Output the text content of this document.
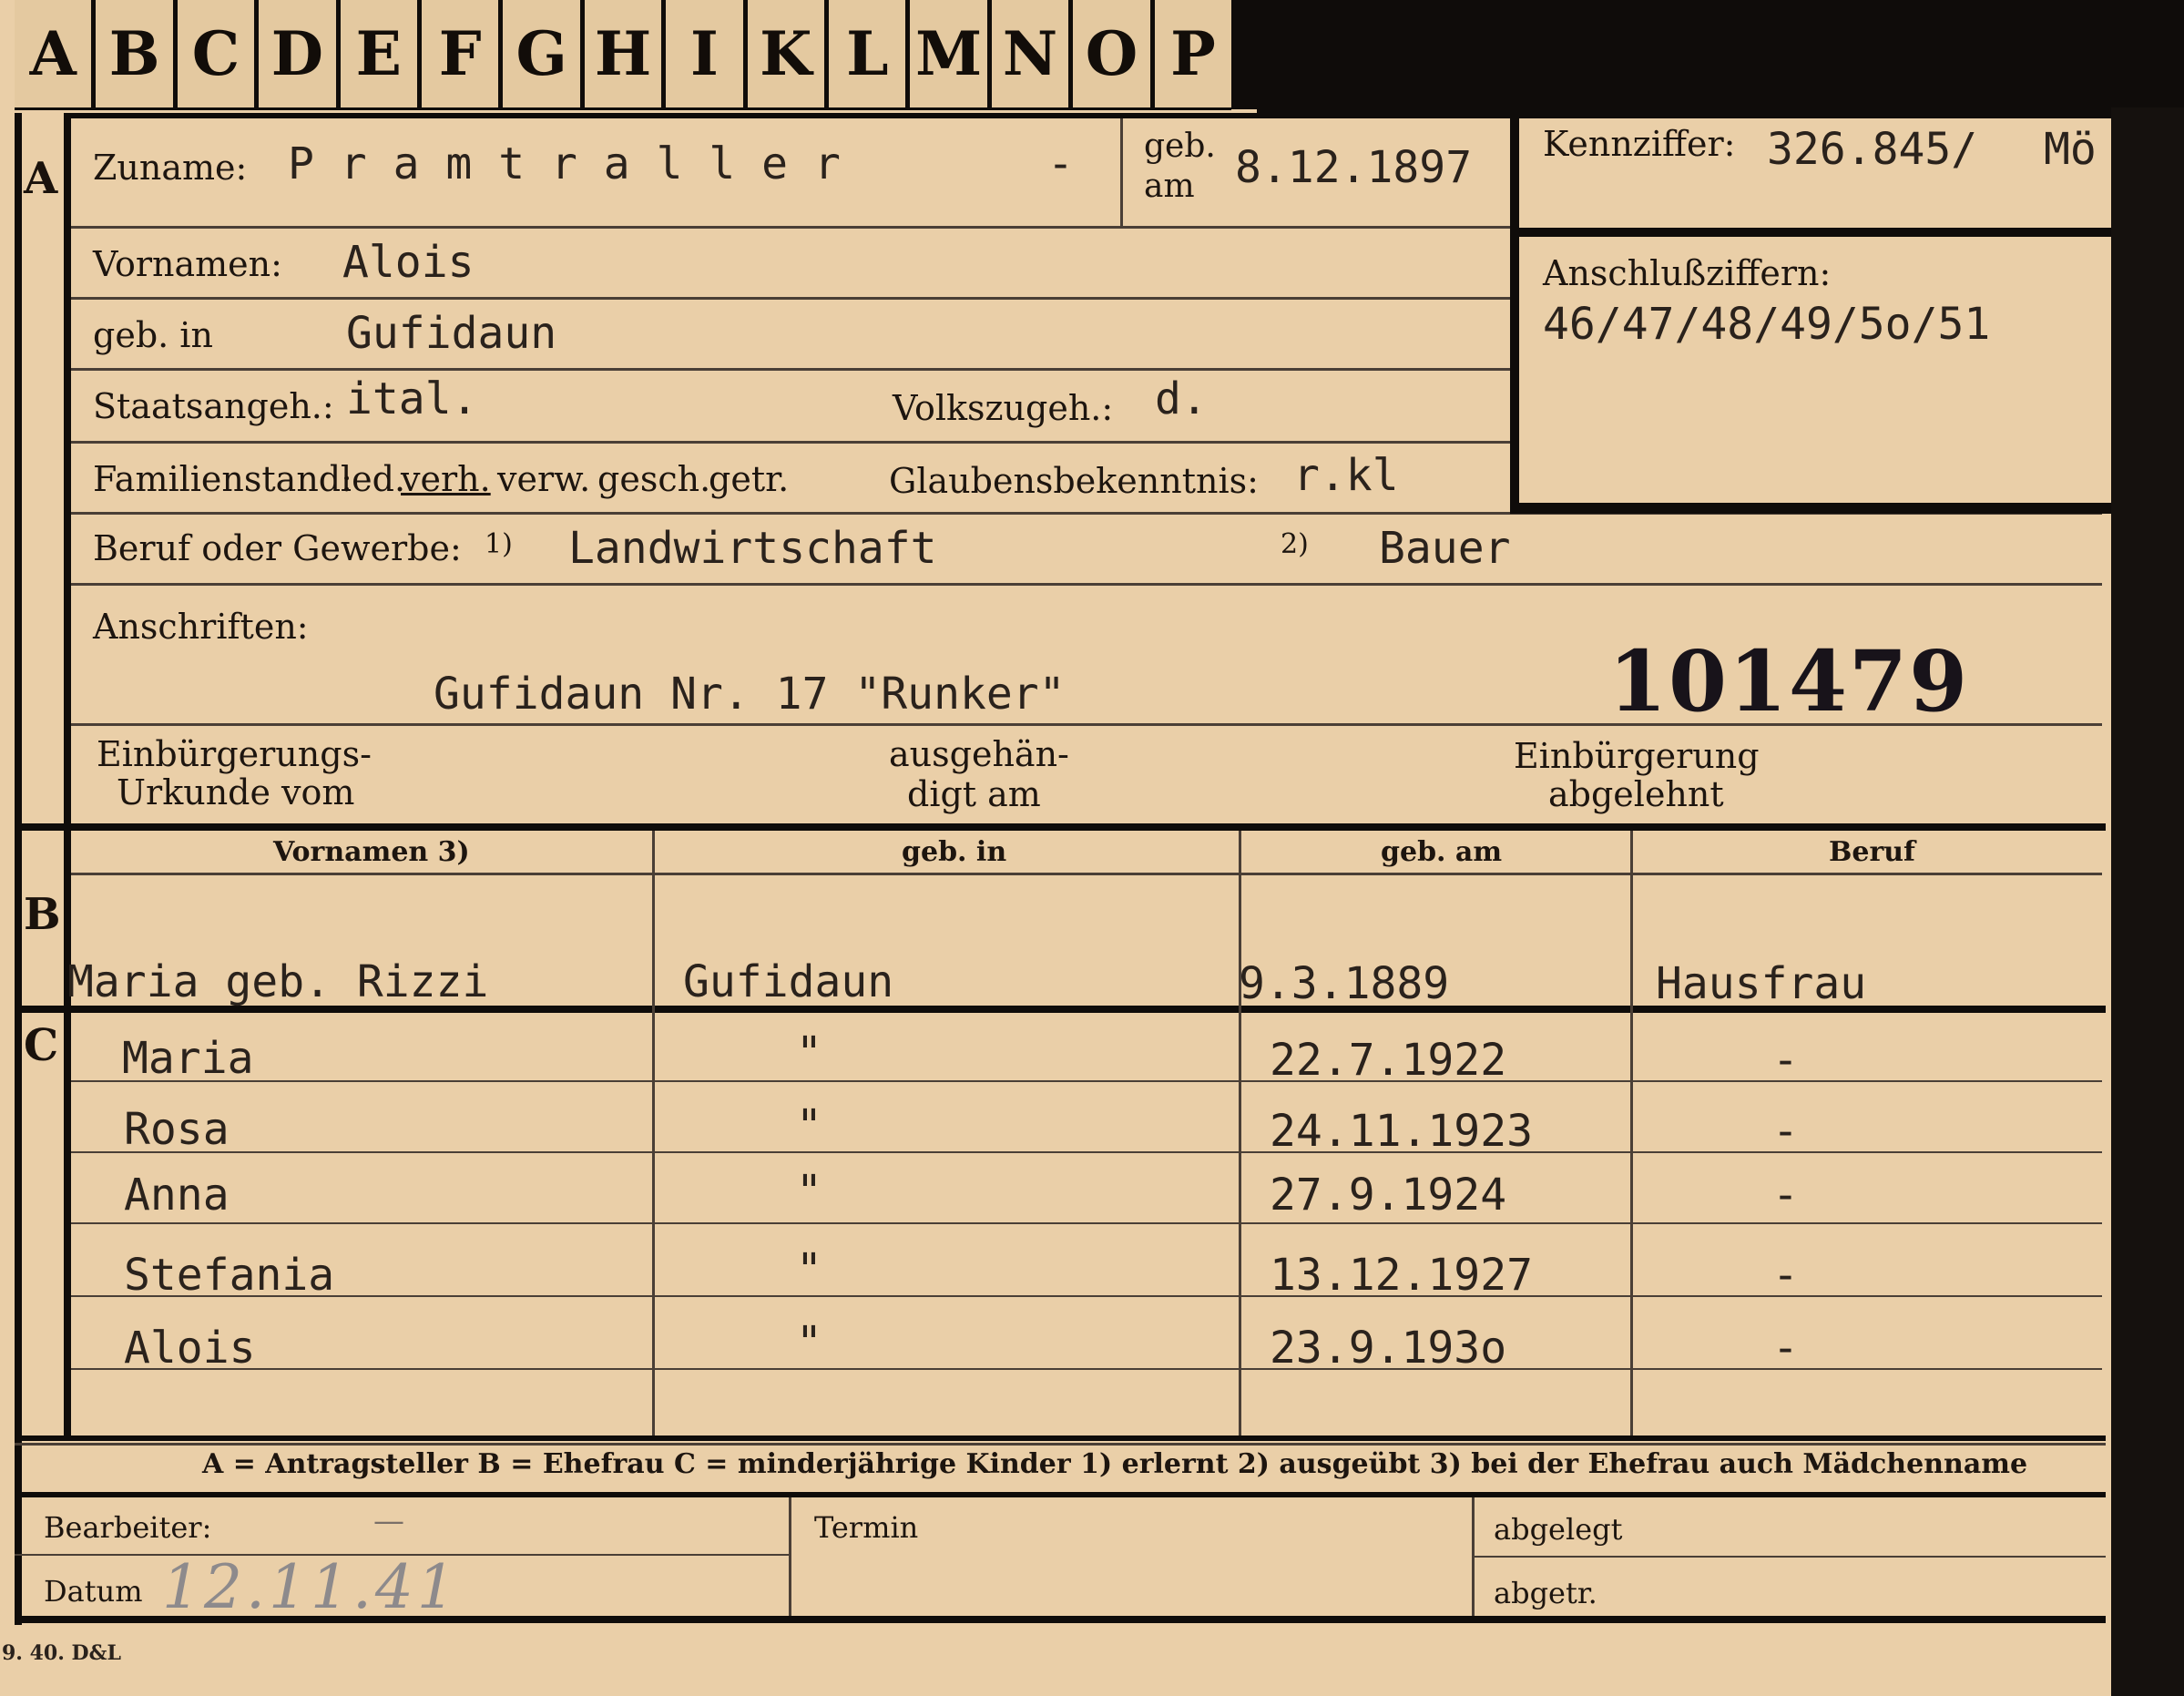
A B C D E F G H I K L M N O P
A
B
C
Zuname: P r a m t r a l l e r	- geb.
am 8.12.1897
Vornamen: Alois
geb. in	Gufidaun
Staatsangeh.: ital.	Volkszugeh.: d.
Familienstand:
led.
verh. verw. gesch.
getr.	Glaubensbekenntnis: r.kl
Kennziffer: 326.845/ Mö
Anschlußziffern:
46/47/48/49/5o/51
Beruf oder Gewerbe: 1) Landwirtschaft	2) Bauer
Anschriften:
Gufidaun Nr. 17 "Runker"	101479
Einbürgerungs-
Urkunde vom
ausgehän-
digt am
Einbürgerung
abgelehnt
Vornamen 3)	geb. in	geb. am	Beruf
Maria geb. Rizzi	Gufidaun	9.3.1889	Hausfrau
Maria	"	22.7.1922	-
Rosa	"	24.11.1923	-
Anna	"	27.9.1924	-
Stefania	"	13.12.1927	-
Alois	"	23.9.193o	-
A = Antragsteller B = Ehefrau C = minderjährige Kinder 1) erlernt 2) ausgeübt 3) bei der Ehefrau auch Mädchenname
Bearbeiter:	—
Datum 12.11.41
Termin	abgelegt
abgetr.
9. 40. D&L
